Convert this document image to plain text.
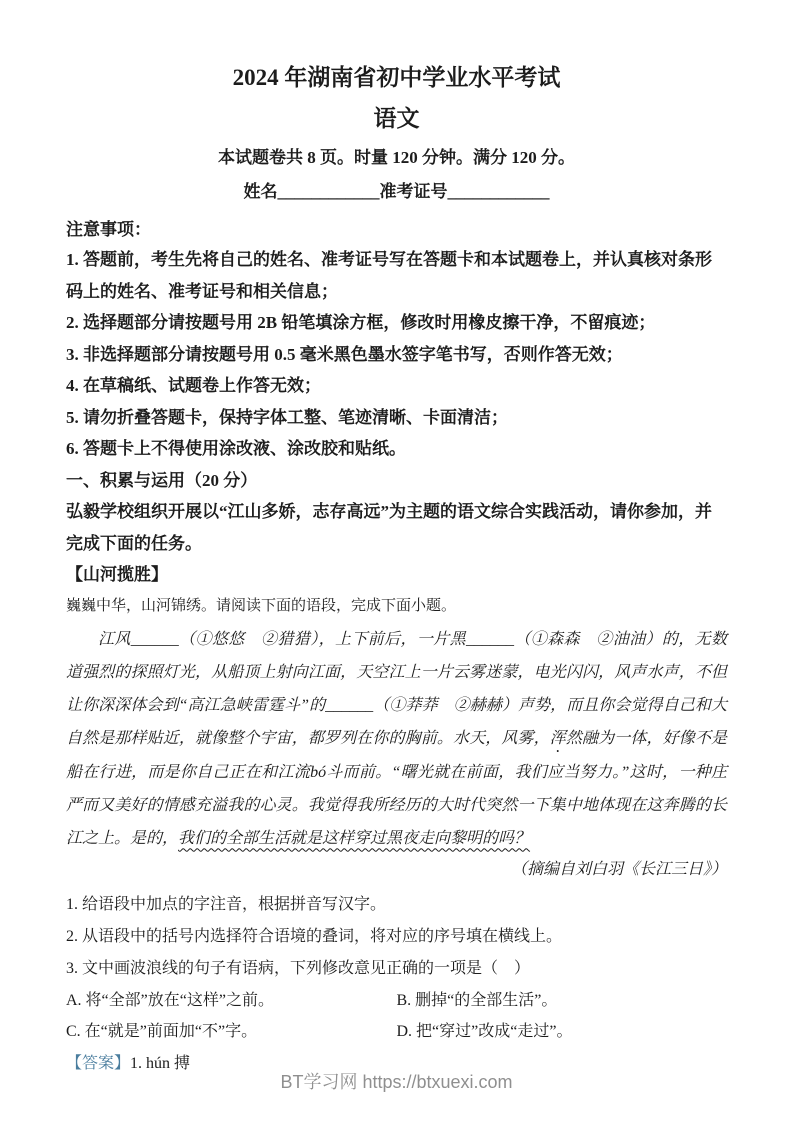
2024 年湖南省初中学业水平考试
语文

本试题卷共 8 页。时量 120 分钟。满分 120 分。

姓名____________准考证号____________

注意事项：

1. 答题前，考生先将自己的姓名、准考证号写在答题卡和本试题卷上，并认真核对条形码上的姓名、准考证号和相关信息；

2. 选择题部分请按题号用 2B 铅笔填涂方框，修改时用橡皮擦干净，不留痕迹；

3. 非选择题部分请按题号用 0.5 毫米黑色墨水签字笔书写，否则作答无效；

4. 在草稿纸、试题卷上作答无效；

5. 请勿折叠答题卡，保持字体工整、笔迹清晰、卡面清洁；

6. 答题卡上不得使用涂改液、涂改胶和贴纸。

一、积累与运用（20 分）

弘毅学校组织开展以“江山多娇，志存高远”为主题的语文综合实践活动，请你参加，并完成下面的任务。

【山河揽胜】

巍巍中华，山河锦绣。请阅读下面的语段，完成下面小题。

江风______（①悠悠　②猎猎），上下前后，一片黑______（①森森　②油油）的，无数道强烈的探照灯光，从船顶上射向江面，天空江上一片云雾迷蒙，电光闪闪，风声水声，不但让你深深体会到“高江急峡雷霆斗”的______（①莽莽　②赫赫）声势，而且你会觉得自己和大自然是那样贴近，就像整个宇宙，都罗列在你的胸前。水天，风雾，浑然融为一体，好像不是船在行进，而是你自己正在和江流bó斗而前。“曙光就在前面，我们应当努力。”这时，一种庄严而又美好的情感充溢我的心灵。我觉得我所经历的大时代突然一下集中地体现在这奔腾的长江之上。是的，我们的全部生活就是这样穿过黑夜走向黎明的吗？

（摘编自刘白羽《长江三日》）

1. 给语段中加点的字注音，根据拼音写汉字。

2. 从语段中的括号内选择符合语境的叠词，将对应的序号填在横线上。

3. 文中画波浪线的句子有语病，下列修改意见正确的一项是（　）

A. 将“全部”放在“这样”之前。	B. 删掉“的全部生活”。

C. 在“就是”前面加“不”字。	D. 把“穿过”改成“走过”。

【答案】1. hún 搏

BT学习网 https://btxuexi.com
